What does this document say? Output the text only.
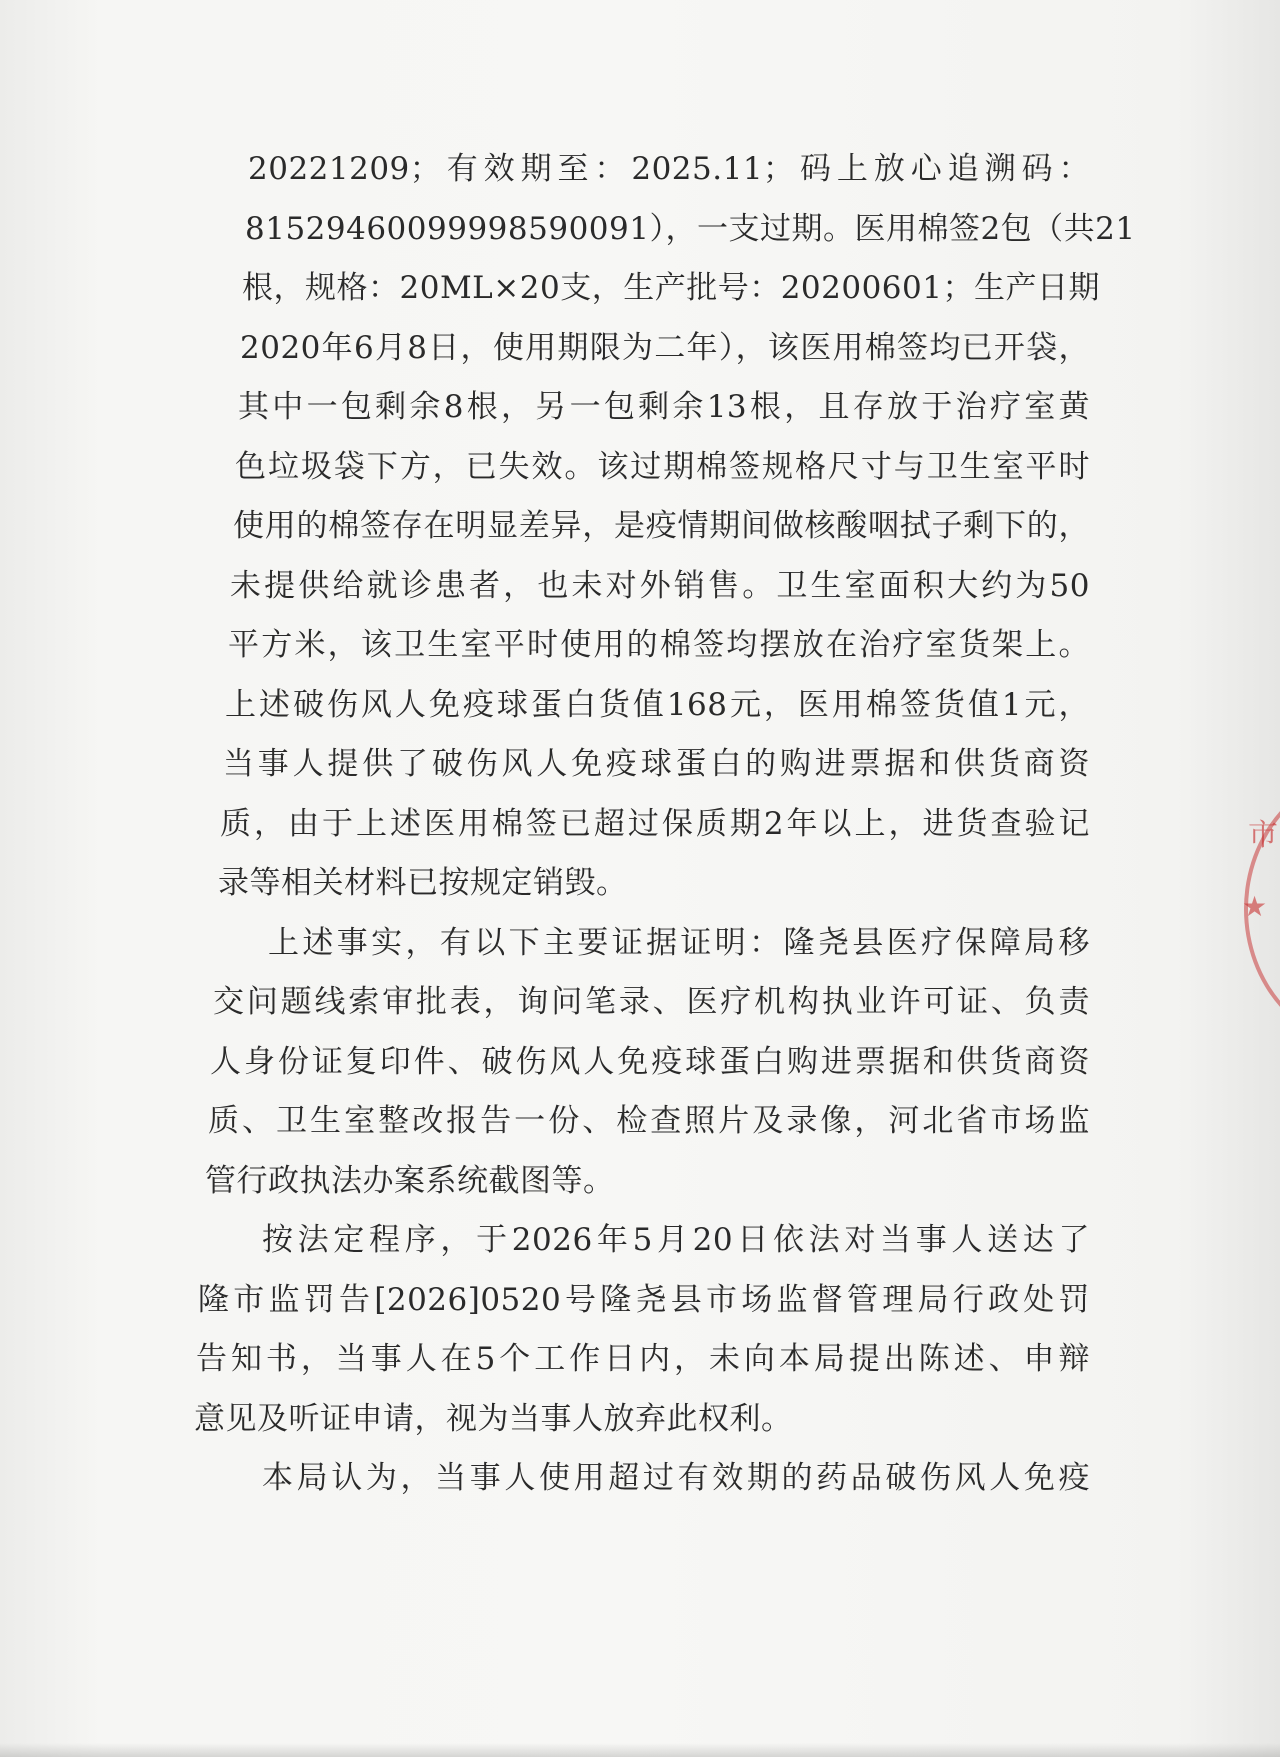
20221209；有效期至：2025.11；码上放心追溯码：
81529460099998590091），一支过期。医用棉签2包（共21
根，规格：20ML×20支，生产批号：20200601；生产日期
2020年6月8日，使用期限为二年），该医用棉签均已开袋，
其中一包剩余8根，另一包剩余13根，且存放于治疗室黄
色垃圾袋下方，已失效。该过期棉签规格尺寸与卫生室平时
使用的棉签存在明显差异，是疫情期间做核酸咽拭子剩下的，
未提供给就诊患者，也未对外销售。卫生室面积大约为50
平方米，该卫生室平时使用的棉签均摆放在治疗室货架上。
上述破伤风人免疫球蛋白货值168元，医用棉签货值1元，
当事人提供了破伤风人免疫球蛋白的购进票据和供货商资
质，由于上述医用棉签已超过保质期2年以上，进货查验记
录等相关材料已按规定销毁。
上述事实，有以下主要证据证明：隆尧县医疗保障局移
交问题线索审批表，询问笔录、医疗机构执业许可证、负责
人身份证复印件、破伤风人免疫球蛋白购进票据和供货商资
质、卫生室整改报告一份、检查照片及录像，河北省市场监
管行政执法办案系统截图等。
按法定程序，于2026年5月20日依法对当事人送达了
隆市监罚告[2026]0520号隆尧县市场监督管理局行政处罚
告知书，当事人在5个工作日内，未向本局提出陈述、申辩
意见及听证申请，视为当事人放弃此权利。
本局认为，当事人使用超过有效期的药品破伤风人免疫
市
★
